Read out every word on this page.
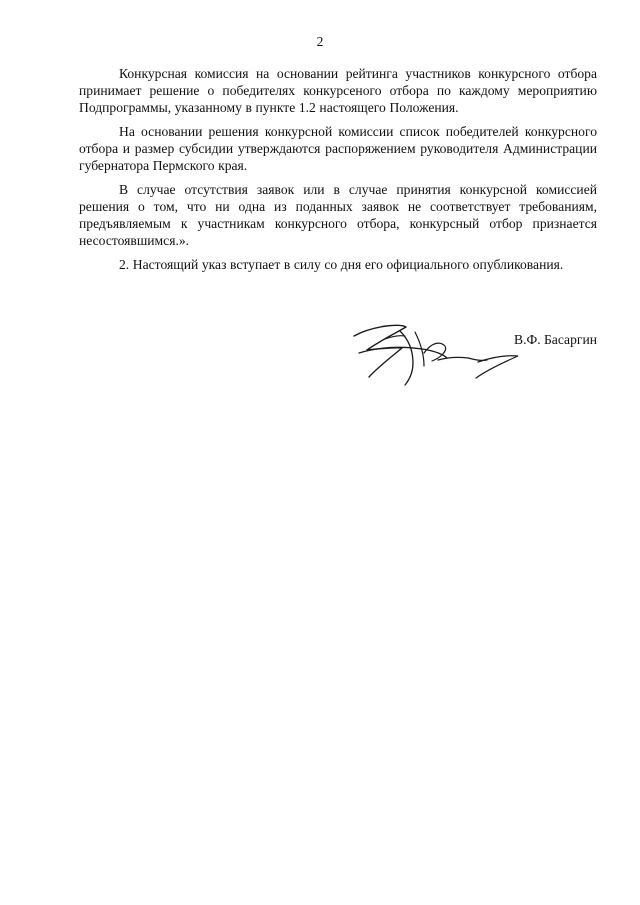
2

Конкурсная комиссия на основании рейтинга участников конкурсного отбора принимает решение о победителях конкурсеного отбора по каждому мероприятию Подпрограммы, указанному в пункте 1.2 настоящего Положения.

На основании решения конкурсной комиссии список победителей конкурсного отбора и размер субсидии утверждаются распоряжением руководителя Администрации губернатора Пермского края.

В случае отсутствия заявок или в случае принятия конкурсной комиссией решения о том, что ни одна из поданных заявок не соответствует требованиям, предъявляемым к участникам конкурсного отбора, конкурсный отбор признается несостоявшимся.».

2. Настоящий указ вступает в силу со дня его официального опубликования.

В.Ф. Басаргин
